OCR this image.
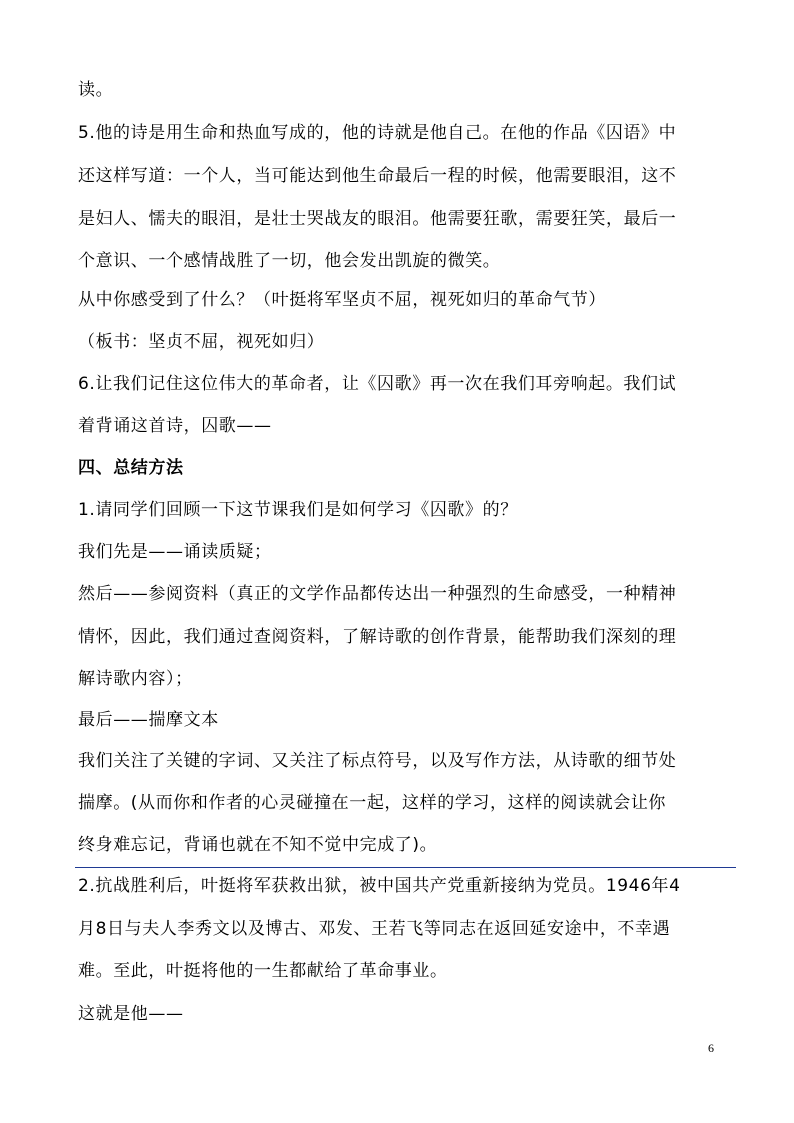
读。

5.他的诗是用生命和热血写成的，他的诗就是他自己。在他的作品《囚语》中

还这样写道：一个人，当可能达到他生命最后一程的时候，他需要眼泪，这不

是妇人、懦夫的眼泪，是壮士哭战友的眼泪。他需要狂歌，需要狂笑，最后一

个意识、一个感情战胜了一切，他会发出凯旋的微笑。

从中你感受到了什么？（叶挺将军坚贞不屈，视死如归的革命气节）

（板书：坚贞不屈，视死如归）

6.让我们记住这位伟大的革命者，让《囚歌》再一次在我们耳旁响起。我们试

着背诵这首诗，囚歌——

四、总结方法

1.请同学们回顾一下这节课我们是如何学习《囚歌》的？

我们先是——诵读质疑；

然后——参阅资料（真正的文学作品都传达出一种强烈的生命感受，一种精神

情怀，因此，我们通过查阅资料，了解诗歌的创作背景，能帮助我们深刻的理

解诗歌内容）；

最后——揣摩文本

我们关注了关键的字词、又关注了标点符号，以及写作方法，从诗歌的细节处

揣摩。(从而你和作者的心灵碰撞在一起，这样的学习，这样的阅读就会让你

终身难忘记，背诵也就在不知不觉中完成了)。

2.抗战胜利后，叶挺将军获救出狱，被中国共产党重新接纳为党员。1946年4

月8日与夫人李秀文以及博古、邓发、王若飞等同志在返回延安途中，不幸遇

难。至此，叶挺将他的一生都献给了革命事业。

这就是他——

6
